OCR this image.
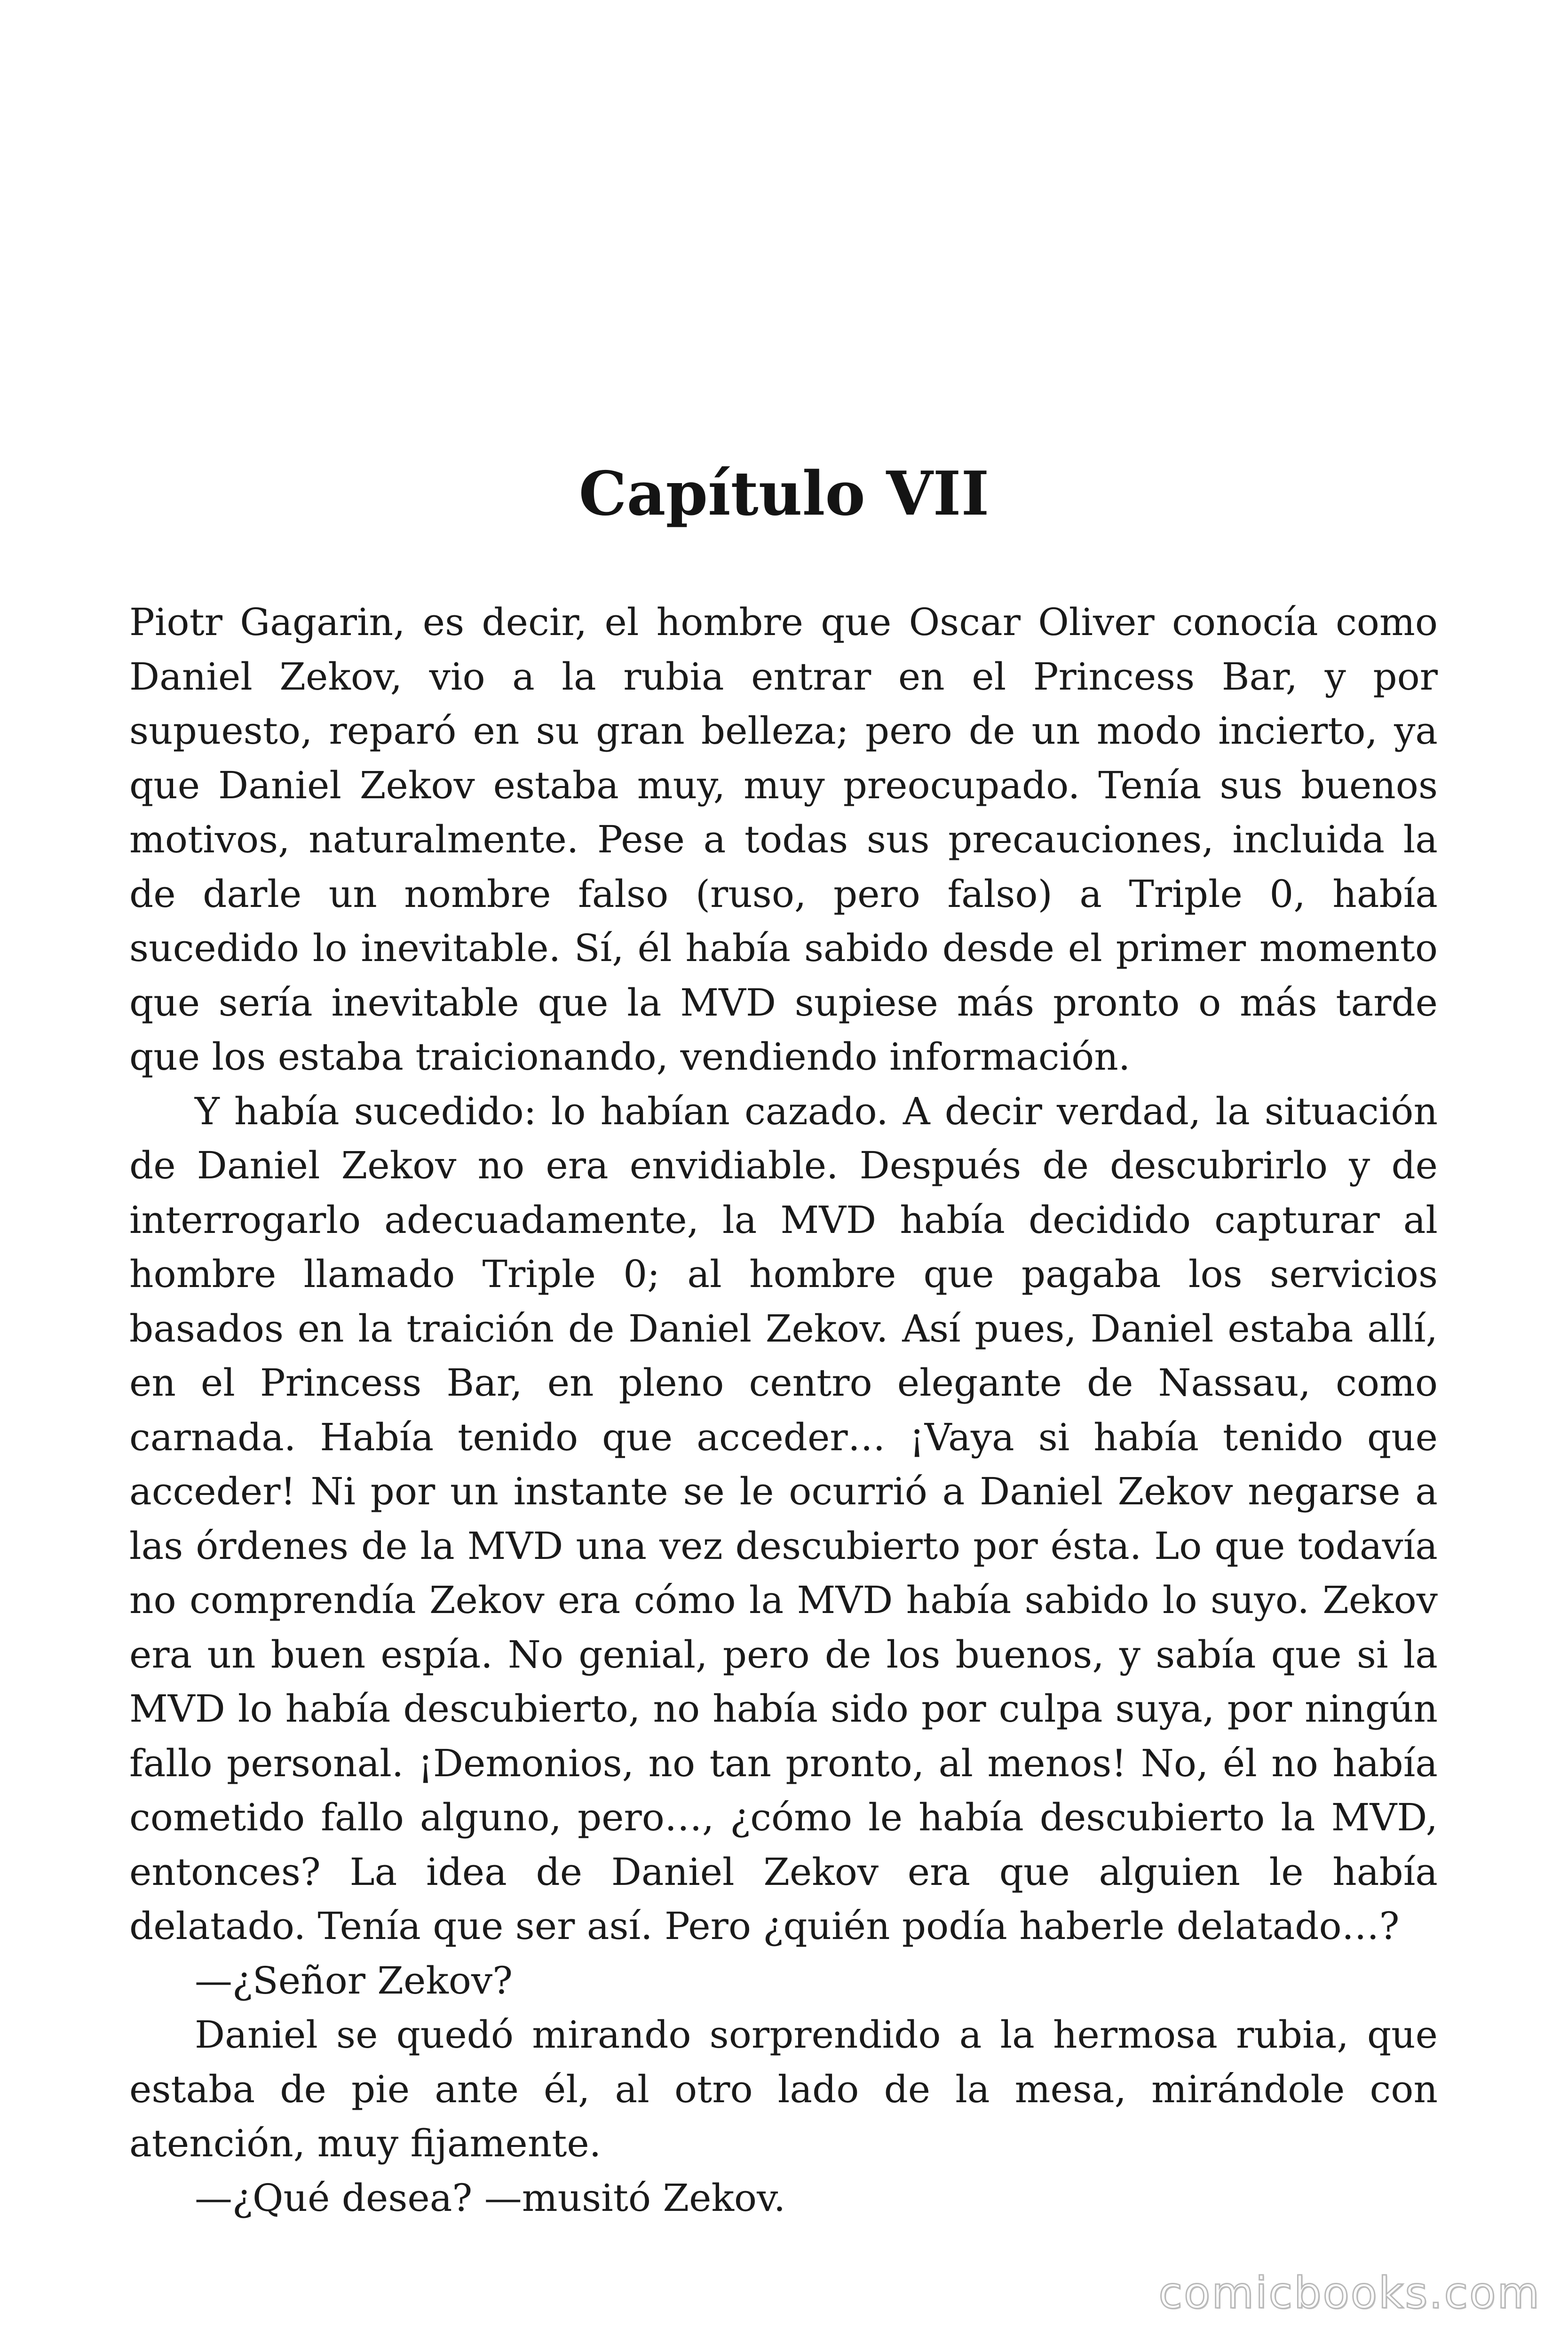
Capítulo VII

Piotr Gagarin, es decir, el hombre que Oscar Oliver conocía como Daniel Zekov, vio a la rubia entrar en el Princess Bar, y por supuesto, reparó en su gran belleza; pero de un modo incierto, ya que Daniel Zekov estaba muy, muy preocupado. Tenía sus buenos motivos, naturalmente. Pese a todas sus precauciones, incluida la de darle un nombre falso (ruso, pero falso) a Triple 0, había sucedido lo inevitable. Sí, él había sabido desde el primer momento que sería inevitable que la MVD supiese más pronto o más tarde que los estaba traicionando, vendiendo información.

Y había sucedido: lo habían cazado. A decir verdad, la situación de Daniel Zekov no era envidiable. Después de descubrirlo y de interrogarlo adecuadamente, la MVD había decidido capturar al hombre llamado Triple 0; al hombre que pagaba los servicios basados en la traición de Daniel Zekov. Así pues, Daniel estaba allí, en el Princess Bar, en pleno centro elegante de Nassau, como carnada. Había tenido que acceder… ¡Vaya si había tenido que acceder! Ni por un instante se le ocurrió a Daniel Zekov negarse a las órdenes de la MVD una vez descubierto por ésta. Lo que todavía no comprendía Zekov era cómo la MVD había sabido lo suyo. Zekov era un buen espía. No genial, pero de los buenos, y sabía que si la MVD lo había descubierto, no había sido por culpa suya, por ningún fallo personal. ¡Demonios, no tan pronto, al menos! No, él no había cometido fallo alguno, pero…, ¿cómo le había descubierto la MVD, entonces? La idea de Daniel Zekov era que alguien le había delatado. Tenía que ser así. Pero ¿quién podía haberle delatado…?

—¿Señor Zekov?

Daniel se quedó mirando sorprendido a la hermosa rubia, que estaba de pie ante él, al otro lado de la mesa, mirándole con atención, muy fijamente.

—¿Qué desea? —musitó Zekov.

comicbooks.com
